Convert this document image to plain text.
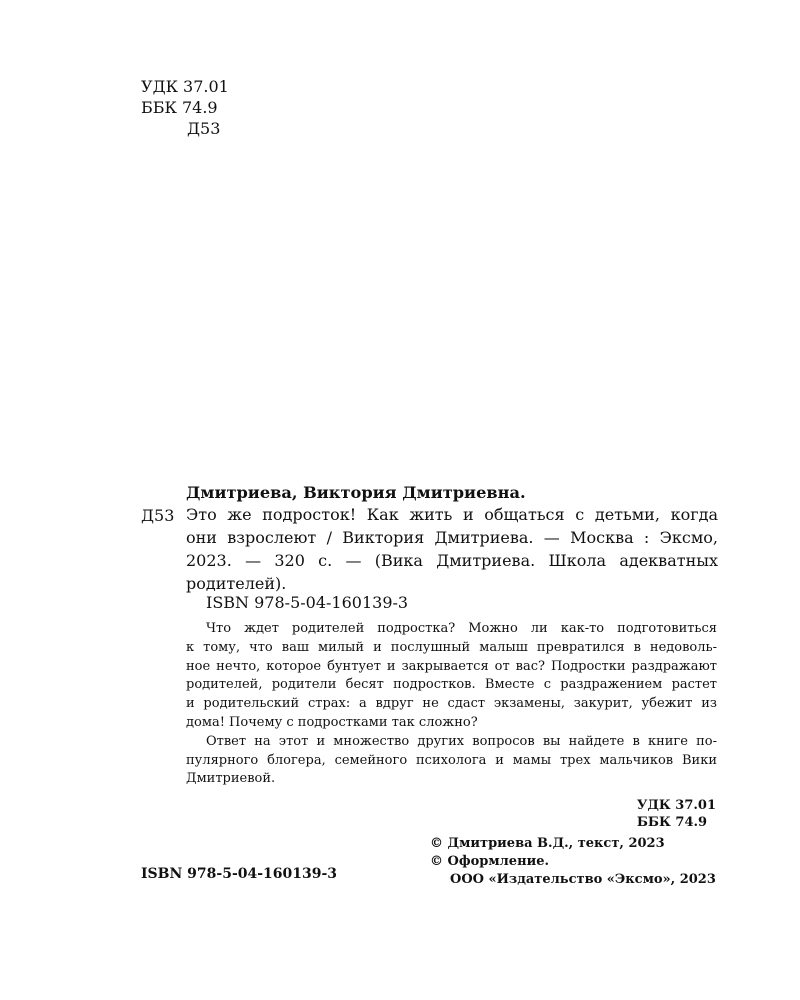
УДК 37.01
ББК 74.9
Д53
Дмитриева, Виктория Дмитриевна.
Д53 Это же подросток! Как жить и общаться с детьми, когда
они взрослеют / Виктория Дмитриева. — Москва : Эксмо,
2023. — 320 с. — (Вика Дмитриева. Школа адекватных
родителей).
ISBN 978-5-04-160139-3
Что ждет родителей подростка? Можно ли как-то подготовиться
к тому, что ваш милый и послушный малыш превратился в недоволь-
ное нечто, которое бунтует и закрывается от вас? Подростки раздражают
родителей, родители бесят подростков. Вместе с раздражением растет
и родительский страх: а вдруг не сдаст экзамены, закурит, убежит из
дома! Почему с подростками так сложно?
Ответ на этот и множество других вопросов вы найдете в книге по-
пулярного блогера, семейного психолога и мамы трех мальчиков Вики
Дмитриевой.
УДК 37.01
ББК 74.9
© Дмитриева В.Д., текст, 2023
© Оформление.
ООО «Издательство «Эксмо», 2023
ISBN 978-5-04-160139-3
